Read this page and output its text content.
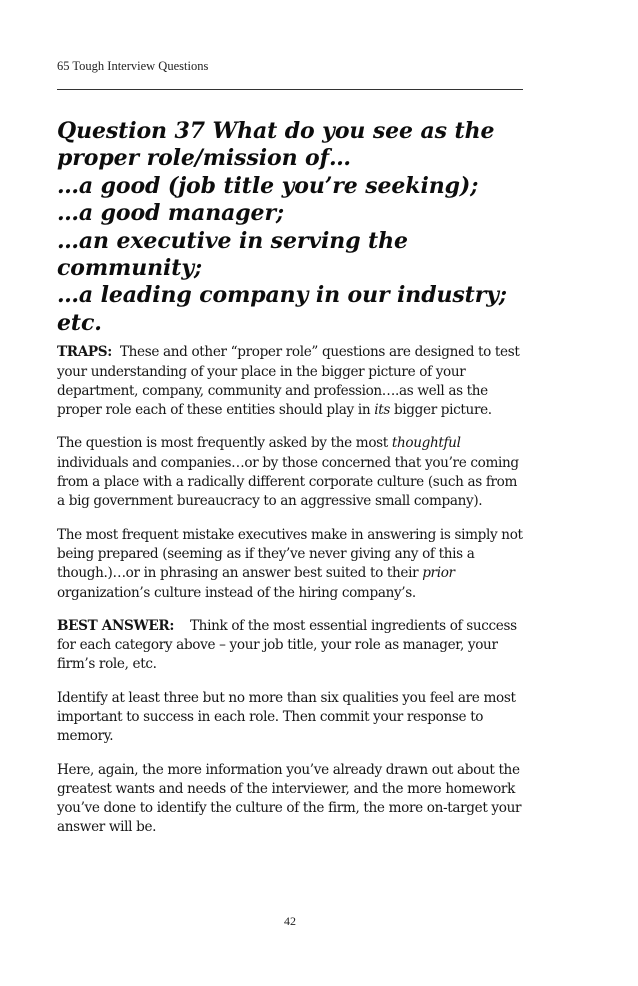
65 Tough Interview Questions
Question 37 What do you see as the
proper role/mission of…
…a good (job title you’re seeking);
…a good manager;
…an executive in serving the
community;
…a leading company in our industry;
etc.

TRAPS: These and other “proper role” questions are designed to test your understanding of your place in the bigger picture of your department, company, community and profession….as well as the proper role each of these entities should play in its bigger picture.

The question is most frequently asked by the most thoughtful individuals and companies…or by those concerned that you’re coming from a place with a radically different corporate culture (such as from a big government bureaucracy to an aggressive small company).

The most frequent mistake executives make in answering is simply not being prepared (seeming as if they’ve never giving any of this a though.)…or in phrasing an answer best suited to their prior organization’s culture instead of the hiring company’s.

BEST ANSWER: Think of the most essential ingredients of success for each category above – your job title, your role as manager, your firm’s role, etc.

Identify at least three but no more than six qualities you feel are most important to success in each role. Then commit your response to memory.

Here, again, the more information you’ve already drawn out about the greatest wants and needs of the interviewer, and the more homework you’ve done to identify the culture of the firm, the more on-target your answer will be.

42
